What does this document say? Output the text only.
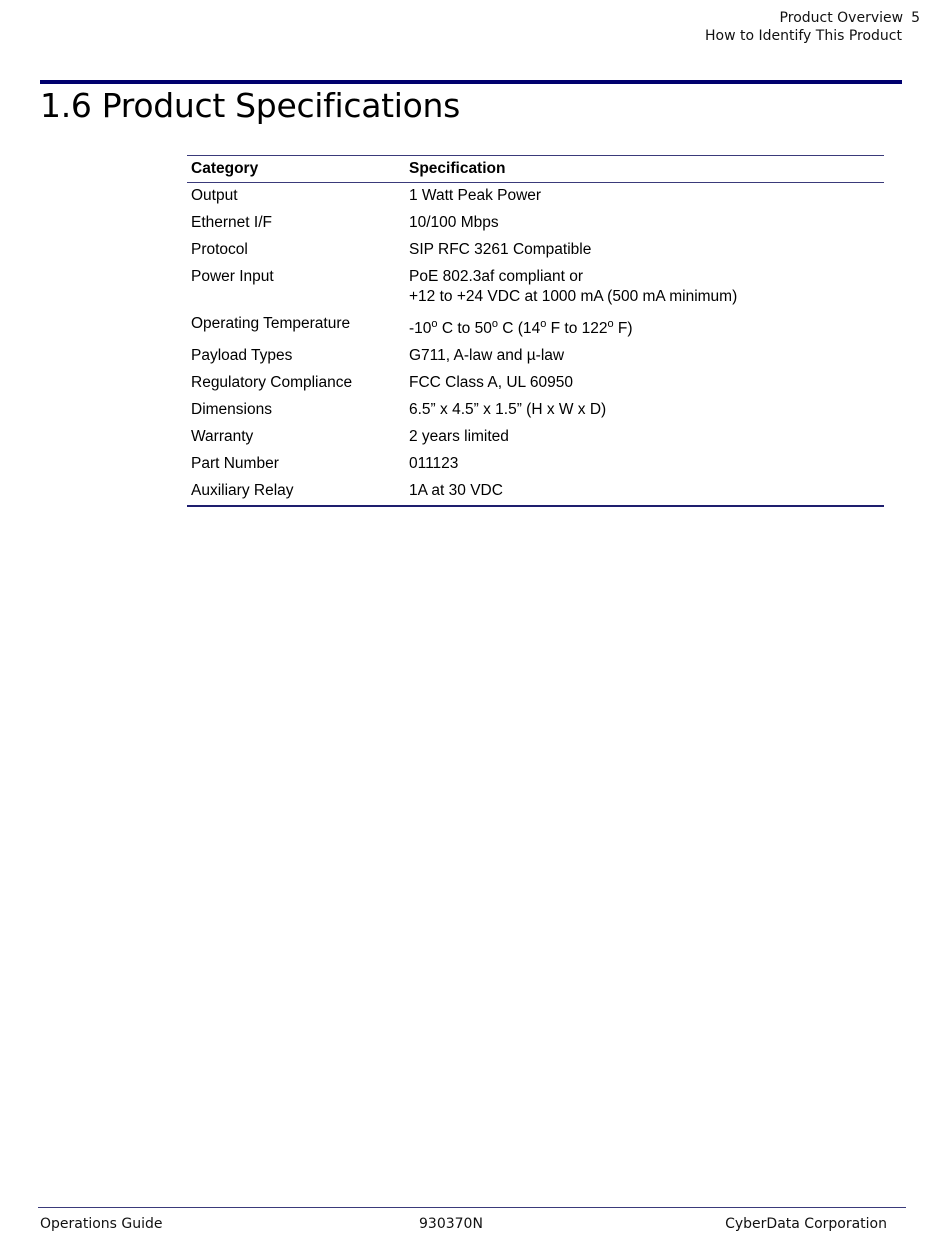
Product Overview 5
How to Identify This Product
1.6 Product Specifications
Category	Specification
Output	1 Watt Peak Power
Ethernet I/F	10/100 Mbps
Protocol	SIP RFC 3261 Compatible
Power Input	PoE 802.3af compliant or
+12 to +24 VDC at 1000 mA (500 mA minimum)

Operating Temperature	-10$^o$ C to 50$^o$ C (14$^o$ F to 122$^o$ F)
Payload Types	G711, A-law and µ-law
Regulatory Compliance	FCC Class A, UL 60950
Dimensions	6.5” x 4.5” x 1.5” (H x W x D)
Warranty	2 years limited
Part Number	011123
Auxiliary Relay	1A at 30 VDC
Operations Guide	930370N	CyberData Corporation
